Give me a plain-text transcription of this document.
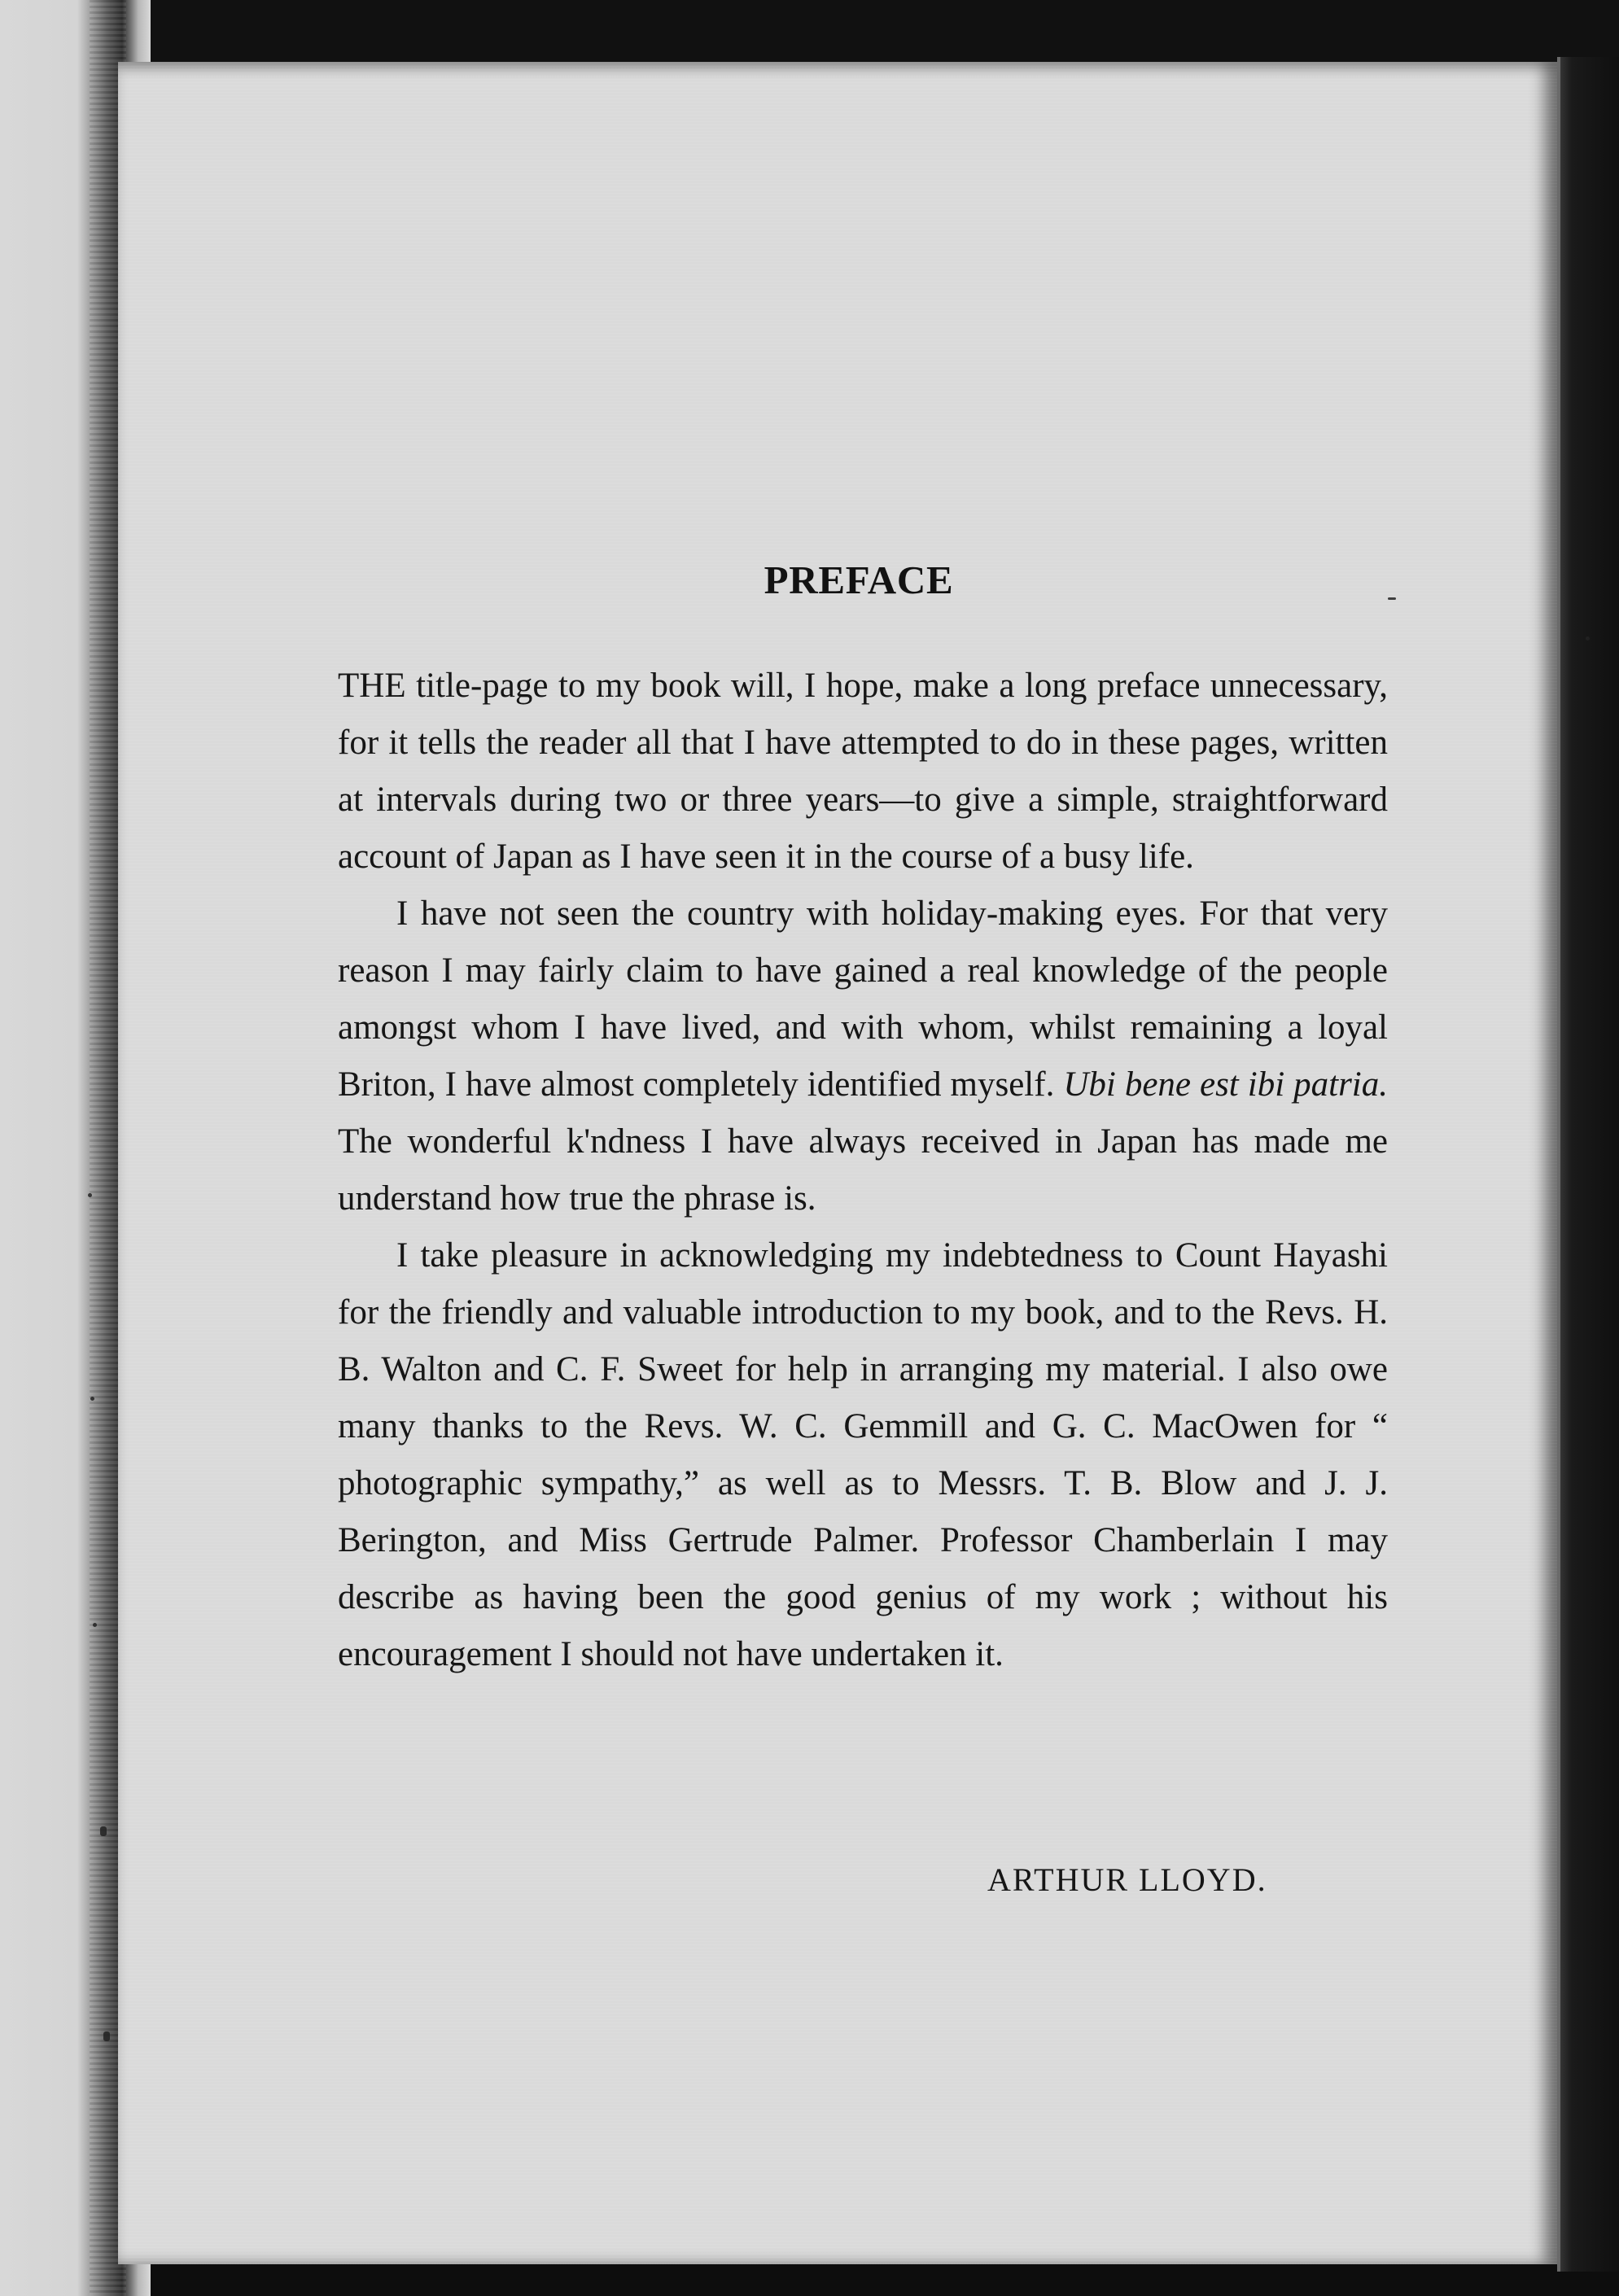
PREFACE

THE title-page to my book will, I hope, make a long preface unnecessary, for it tells the reader all that I have attempted to do in these pages, written at intervals during two or three years—to give a simple, straightforward account of Japan as I have seen it in the course of a busy life.

I have not seen the country with holiday-making eyes. For that very reason I may fairly claim to have gained a real knowledge of the people amongst whom I have lived, and with whom, whilst remaining a loyal Briton, I have almost completely identified myself. Ubi bene est ibi patria. The wonderful k'ndness I have always received in Japan has made me understand how true the phrase is.

I take pleasure in acknowledging my indebtedness to Count Hayashi for the friendly and valuable introduction to my book, and to the Revs. H. B. Walton and C. F. Sweet for help in arranging my material. I also owe many thanks to the Revs. W. C. Gemmill and G. C. MacOwen for “ photographic sympathy,” as well as to Messrs. T. B. Blow and J. J. Berington, and Miss Gertrude Palmer. Professor Chamberlain I may describe as having been the good genius of my work ; without his encouragement I should not have undertaken it.

ARTHUR LLOYD.
